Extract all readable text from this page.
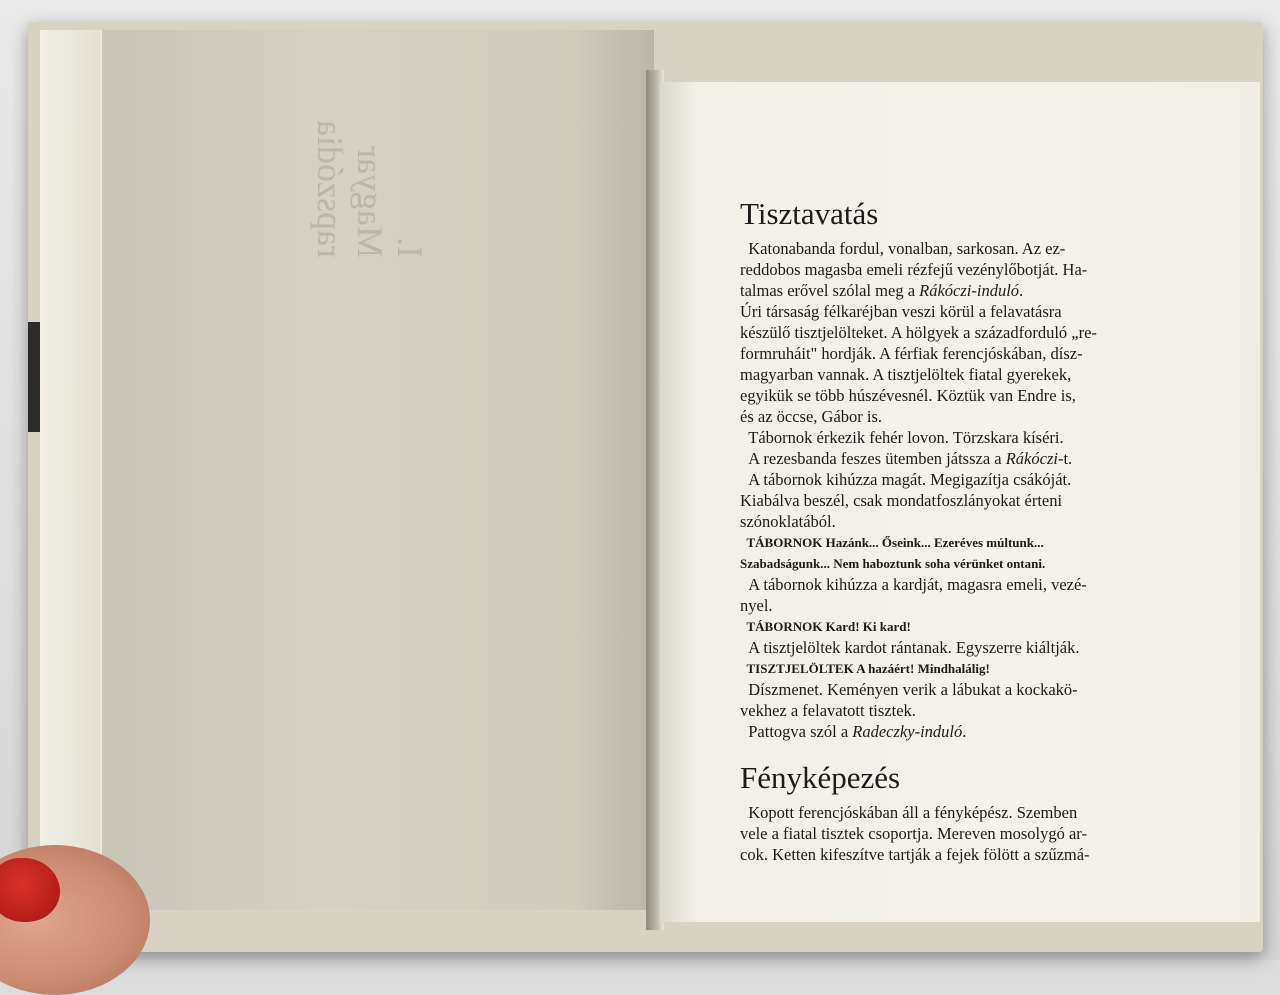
I.
Magyar
rapszódia	Tisztavatás

Katonabanda fordul, vonalban, sarkosan. Az ez-

reddobos magasba emeli rézfejű vezénylőbotját. Ha-

talmas erővel szólal meg a Rákóczi-induló.

Úri társaság félkaréjban veszi körül a felavatásra

készülő tisztjelölteket. A hölgyek a századforduló „re-

formruháit" hordják. A férfiak ferencjóskában, dísz-

magyarban vannak. A tisztjelöltek fiatal gyerekek,

egyikük se több húszévesnél. Köztük van Endre is,

és az öccse, Gábor is.

Tábornok érkezik fehér lovon. Törzskara kíséri.

A rezesbanda feszes ütemben játssza a Rákóczi-t.

A tábornok kihúzza magát. Megigazítja csákóját.

Kiabálva beszél, csak mondatfoszlányokat érteni

szónoklatából.

TÁBORNOK Hazánk... Őseink... Ezeréves múltunk...

Szabadságunk... Nem haboztunk soha vérünket ontani.

A tábornok kihúzza a kardját, magasra emeli, vezé-

nyel.

TÁBORNOK Kard! Ki kard!

A tisztjelöltek kardot rántanak. Egyszerre kiáltják.

TISZTJELÖLTEK A hazáért! Mindhalálig!

Díszmenet. Keményen verik a lábukat a kockakö-

vekhez a felavatott tisztek.

Pattogva szól a Radeczky-induló.

Fényképezés

Kopott ferencjóskában áll a fényképész. Szemben

vele a fiatal tisztek csoportja. Mereven mosolygó ar-

cok. Ketten kifeszítve tartják a fejek fölött a szűzmá-
